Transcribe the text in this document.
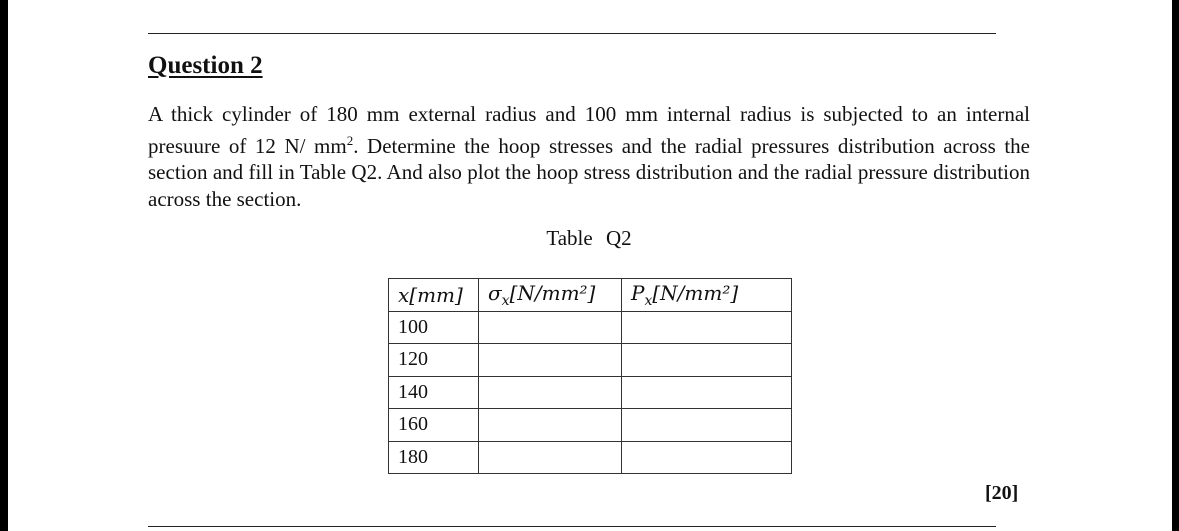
Question 2

A thick cylinder of 180 mm external radius and 100 mm internal radius is subjected to an internal presuure of 12 N/ $mm^2$. Determine the hoop stresses and the radial pressures distribution across the section and fill in Table Q2. And also plot the hoop stress distribution and the radial pressure distribution across the section.

Table Q2
x[mm]	$\sigma_x[N/mm^2]$	$P_x[N/mm^2]$
100		
120		
140		
160		
180		
[20]
